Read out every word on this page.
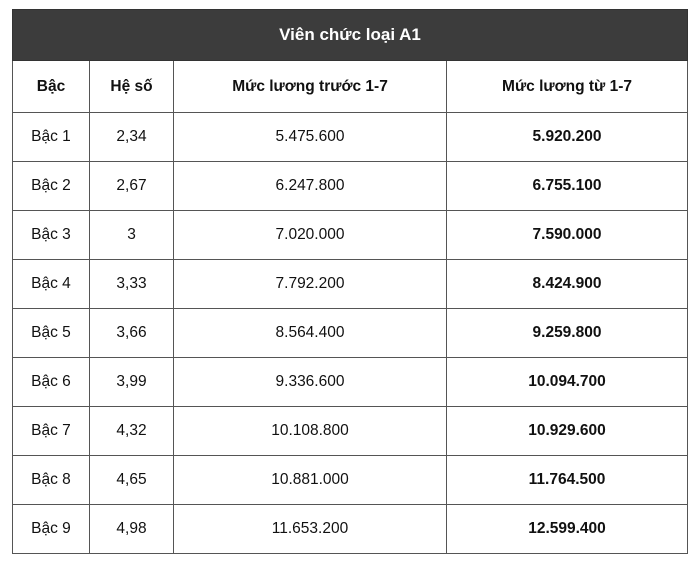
Viên chức loại A1			
Bậc	Hệ số	Mức lương trước 1-7	Mức lương từ 1-7
Bậc 1	2,34	5.475.600	5.920.200
Bậc 2	2,67	6.247.800	6.755.100
Bậc 3	3	7.020.000	7.590.000
Bậc 4	3,33	7.792.200	8.424.900
Bậc 5	3,66	8.564.400	9.259.800
Bậc 6	3,99	9.336.600	10.094.700
Bậc 7	4,32	10.108.800	10.929.600
Bậc 8	4,65	10.881.000	11.764.500
Bậc 9	4,98	11.653.200	12.599.400
